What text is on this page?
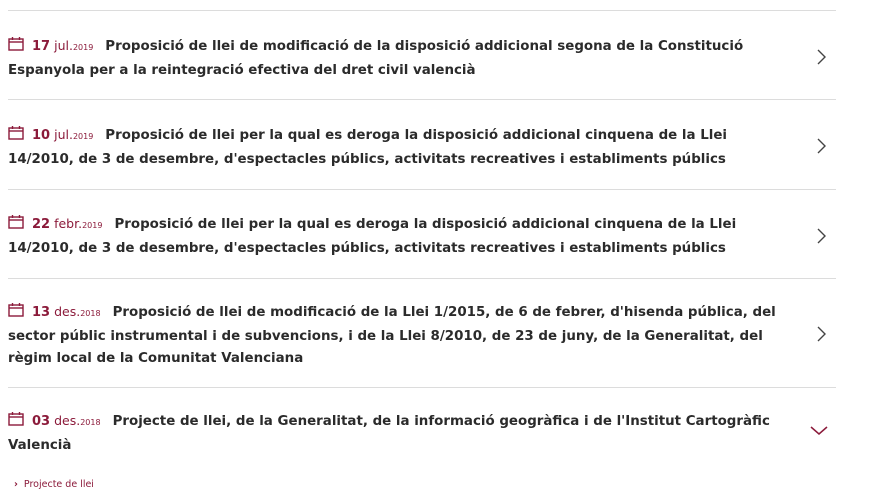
17 jul.2019 Proposició de llei de modificació de la disposició addicional segona de la Constitució Espanyola per a la reintegració efectiva del dret civil valencià
10 jul.2019 Proposició de llei per la qual es deroga la disposició addicional cinquena de la Llei 14/2010, de 3 de desembre, d'espectacles públics, activitats recreatives i establiments públics
22 febr.2019 Proposició de llei per la qual es deroga la disposició addicional cinquena de la Llei 14/2010, de 3 de desembre, d'espectacles públics, activitats recreatives i establiments públics
13 des.2018 Proposició de llei de modificació de la Llei 1/2015, de 6 de febrer, d'hisenda pública, del sector públic instrumental i de subvencions, i de la Llei 8/2010, de 23 de juny, de la Generalitat, del règim local de la Comunitat Valenciana
03 des.2018 Projecte de llei, de la Generalitat, de la informació geogràfica i de l'Institut Cartogràfic Valencià
› Projecte de llei
